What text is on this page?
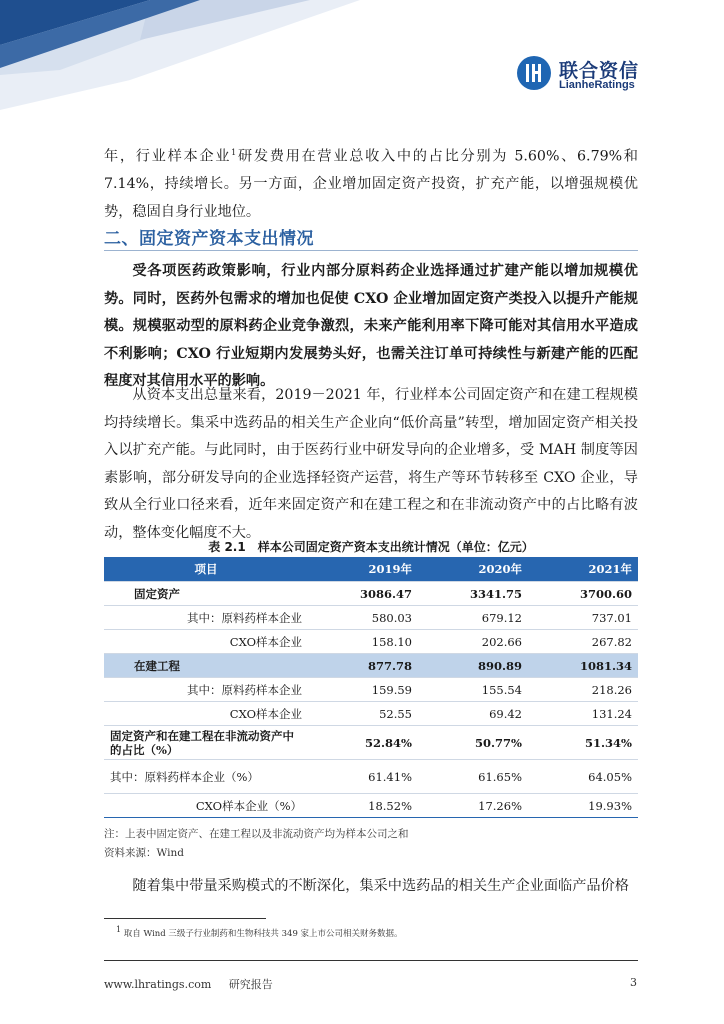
联合资信
LianheRatings

年，行业样本企业$^1$研发费用在营业总收入中的占比分别为 5.60%、6.79%和 7.14%，持续增长。另一方面，企业增加固定资产投资，扩充产能，以增强规模优势，稳固自身行业地位。

二、固定资产资本支出情况

受各项医药政策影响，行业内部分原料药企业选择通过扩建产能以增加规模优势。同时，医药外包需求的增加也促使 CXO 企业增加固定资产类投入以提升产能规模。规模驱动型的原料药企业竞争激烈，未来产能利用率下降可能对其信用水平造成不利影响；CXO 行业短期内发展势头好，也需关注订单可持续性与新建产能的匹配程度对其信用水平的影响。

从资本支出总量来看，2019－2021 年，行业样本公司固定资产和在建工程规模均持续增长。集采中选药品的相关生产企业向“低价高量”转型，增加固定资产相关投入以扩充产能。与此同时，由于医药行业中研发导向的企业增多，受 MAH 制度等因素影响，部分研发导向的企业选择轻资产运营，将生产等环节转移至 CXO 企业，导致从全行业口径来看，近年来固定资产和在建工程之和在非流动资产中的占比略有波动，整体变化幅度不大。

表 2.1　样本公司固定资产资本支出统计情况（单位：亿元）
项目	2019年	2020年	2021年
固定资产	3086.47	3341.75	3700.60
其中：原料药样本企业	580.03	679.12	737.01
CXO样本企业	158.10	202.66	267.82
在建工程	877.78	890.89	1081.34
其中：原料药样本企业	159.59	155.54	218.26
CXO样本企业	52.55	69.42	131.24
固定资产和在建工程在非流动资产中的占比（%）	52.84%	50.77%	51.34%
其中：原料药样本企业（%）	61.41%	61.65%	64.05%
CXO样本企业（%）	18.52%	17.26%	19.93%
注：上表中固定资产、在建工程以及非流动资产均为样本公司之和
资料来源：Wind

随着集中带量采购模式的不断深化，集采中选药品的相关生产企业面临产品价格

$^1$ 取自 Wind 三级子行业制药和生物科技共 349 家上市公司相关财务数据。
www.lhratings.com 研究报告	3
